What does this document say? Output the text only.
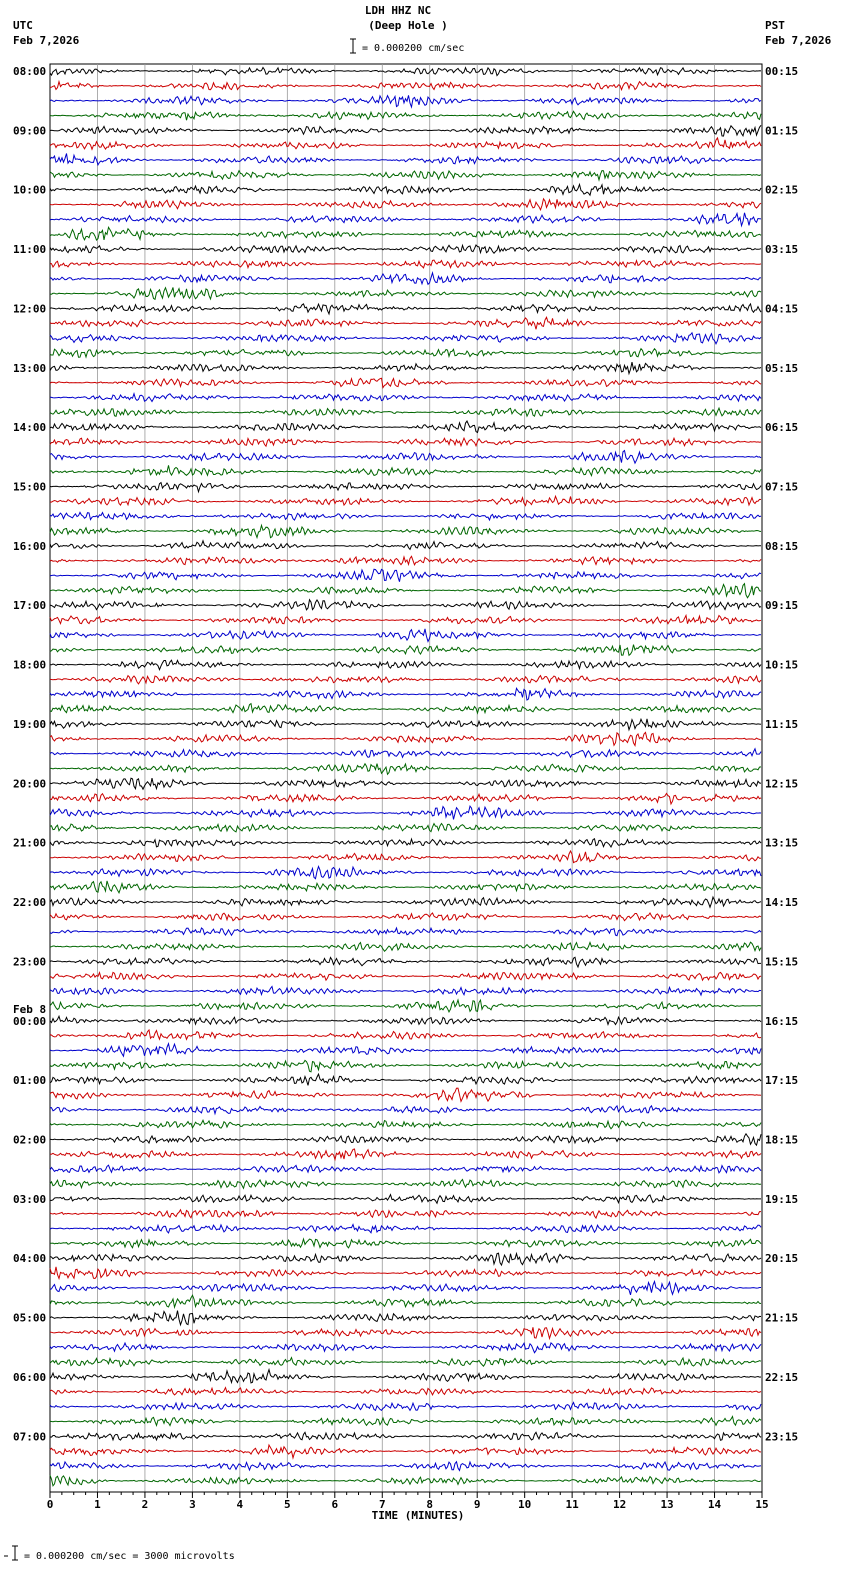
LDH HHZ NC
(Deep Hole )
UTC
Feb 7,2026
PST
Feb 7,2026
= 0.000200 cm/sec
08:00
09:00
10:00
11:00
12:00
13:00
14:00
15:00
16:00
17:00
18:00
19:00
20:00
21:00
22:00
23:00
00:00
Feb 8
01:00
02:00
03:00
04:00
05:00
06:00
07:00
00:15
01:15
02:15
03:15
04:15
05:15
06:15
07:15
08:15
09:15
10:15
11:15
12:15
13:15
14:15
15:15
16:15
17:15
18:15
19:15
20:15
21:15
22:15
23:15
0	1	2	3	4	5	6	7	8	9	10	11	12	13	14	15
TIME (MINUTES)
= 0.000200 cm/sec = 3000 microvolts
